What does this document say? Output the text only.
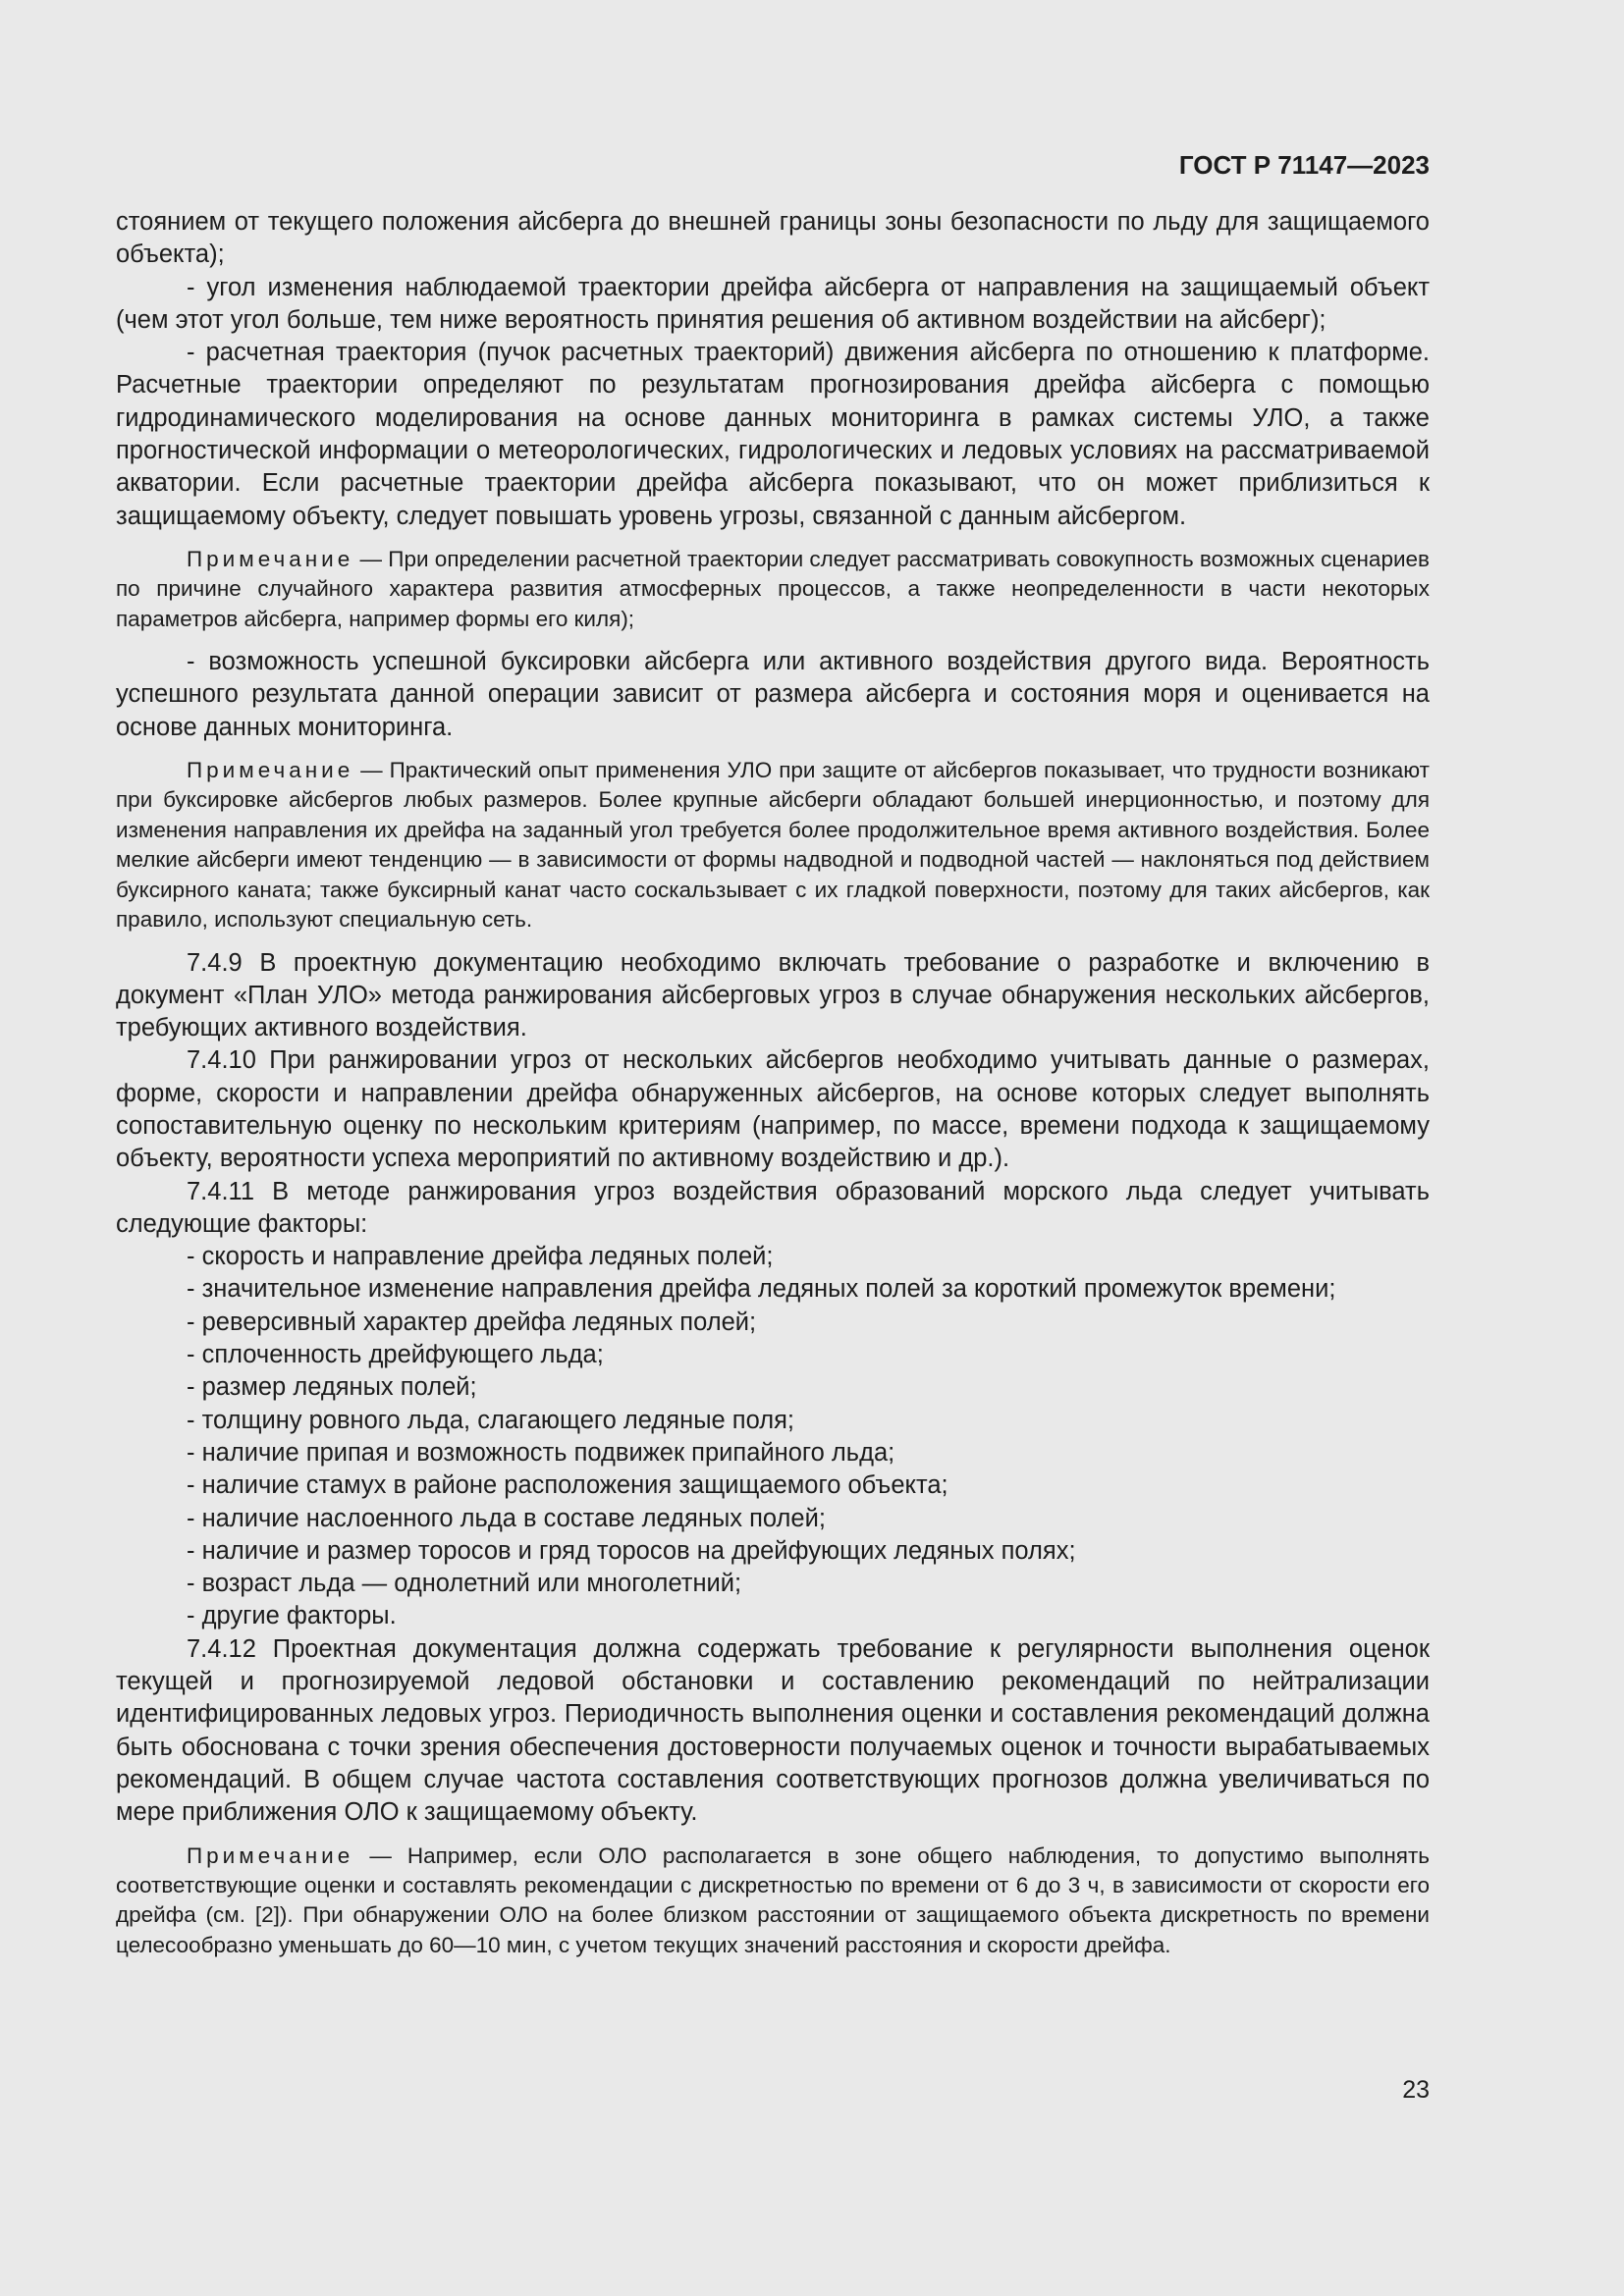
ГОСТ Р 71147—2023

стоянием от текущего положения айсберга до внешней границы зоны безопасности по льду для защищаемого объекта);

- угол изменения наблюдаемой траектории дрейфа айсберга от направления на защищаемый объект (чем этот угол больше, тем ниже вероятность принятия решения об активном воздействии на айсберг);

- расчетная траектория (пучок расчетных траекторий) движения айсберга по отношению к платформе. Расчетные траектории определяют по результатам прогнозирования дрейфа айсберга с помощью гидродинамического моделирования на основе данных мониторинга в рамках системы УЛО, а также прогностической информации о метеорологических, гидрологических и ледовых условиях на рассматриваемой акватории. Если расчетные траектории дрейфа айсберга показывают, что он может приблизиться к защищаемому объекту, следует повышать уровень угрозы, связанной с данным айсбергом.

Примечание — При определении расчетной траектории следует рассматривать совокупность возможных сценариев по причине случайного характера развития атмосферных процессов, а также неопределенности в части некоторых параметров айсберга, например формы его киля);

- возможность успешной буксировки айсберга или активного воздействия другого вида. Вероятность успешного результата данной операции зависит от размера айсберга и состояния моря и оценивается на основе данных мониторинга.

Примечание — Практический опыт применения УЛО при защите от айсбергов показывает, что трудности возникают при буксировке айсбергов любых размеров. Более крупные айсберги обладают большей инерционностью, и поэтому для изменения направления их дрейфа на заданный угол требуется более продолжительное время активного воздействия. Более мелкие айсберги имеют тенденцию — в зависимости от формы надводной и подводной частей — наклоняться под действием буксирного каната; также буксирный канат часто соскальзывает с их гладкой поверхности, поэтому для таких айсбергов, как правило, используют специальную сеть.

7.4.9 В проектную документацию необходимо включать требование о разработке и включению в документ «План УЛО» метода ранжирования айсберговых угроз в случае обнаружения нескольких айсбергов, требующих активного воздействия.

7.4.10 При ранжировании угроз от нескольких айсбергов необходимо учитывать данные о размерах, форме, скорости и направлении дрейфа обнаруженных айсбергов, на основе которых следует выполнять сопоставительную оценку по нескольким критериям (например, по массе, времени подхода к защищаемому объекту, вероятности успеха мероприятий по активному воздействию и др.).

7.4.11 В методе ранжирования угроз воздействия образований морского льда следует учитывать следующие факторы:

- скорость и направление дрейфа ледяных полей;

- значительное изменение направления дрейфа ледяных полей за короткий промежуток времени;

- реверсивный характер дрейфа ледяных полей;

- сплоченность дрейфующего льда;

- размер ледяных полей;

- толщину ровного льда, слагающего ледяные поля;

- наличие припая и возможность подвижек припайного льда;

- наличие стамух в районе расположения защищаемого объекта;

- наличие наслоенного льда в составе ледяных полей;

- наличие и размер торосов и гряд торосов на дрейфующих ледяных полях;

- возраст льда — однолетний или многолетний;

- другие факторы.

7.4.12 Проектная документация должна содержать требование к регулярности выполнения оценок текущей и прогнозируемой ледовой обстановки и составлению рекомендаций по нейтрализации идентифицированных ледовых угроз. Периодичность выполнения оценки и составления рекомендаций должна быть обоснована с точки зрения обеспечения достоверности получаемых оценок и точности вырабатываемых рекомендаций. В общем случае частота составления соответствующих прогнозов должна увеличиваться по мере приближения ОЛО к защищаемому объекту.

Примечание — Например, если ОЛО располагается в зоне общего наблюдения, то допустимо выполнять соответствующие оценки и составлять рекомендации с дискретностью по времени от 6 до 3 ч, в зависимости от скорости его дрейфа (см. [2]). При обнаружении ОЛО на более близком расстоянии от защищаемого объекта дискретность по времени целесообразно уменьшать до 60—10 мин, с учетом текущих значений расстояния и скорости дрейфа.
23
